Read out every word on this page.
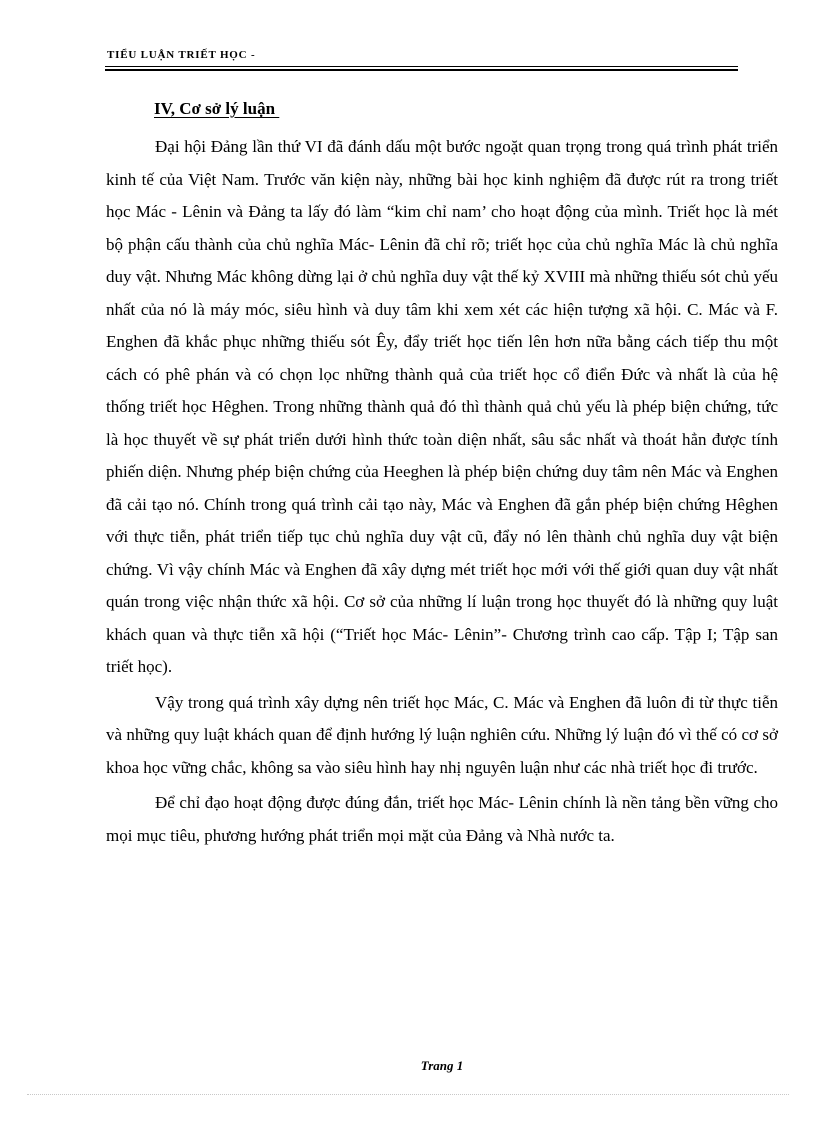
TIỂU LUẬN TRIẾT HỌC -
IV, Cơ sở lý luận

Đại hội Đảng lần thứ VI đã đánh dấu một bước ngoặt quan trọng trong quá trình phát triển kinh tế của Việt Nam. Trước văn kiện này, những bài học kinh nghiệm đã được rút ra trong triết học Mác - Lênin và Đảng ta lấy đó làm “kim chỉ nam’ cho hoạt động của mình. Triết học là mét bộ phận cấu thành của chủ nghĩa Mác- Lênin đã chỉ rõ; triết học của chủ nghĩa Mác là chủ nghĩa duy vật. Nhưng Mác không dừng lại ở chủ nghĩa duy vật thế kỷ XVIII mà những thiếu sót chủ yếu nhất của nó là máy móc, siêu hình và duy tâm khi xem xét các hiện tượng xã hội. C. Mác và F. Enghen đã khắc phục những thiếu sót Êy, đẩy triết học tiến lên hơn nữa bằng cách tiếp thu một cách có phê phán và có chọn lọc những thành quả của triết học cổ điển Đức và nhất là của hệ thống triết học Hêghen. Trong những thành quả đó thì thành quả chủ yếu là phép biện chứng, tức là học thuyết về sự phát triển dưới hình thức toàn diện nhất, sâu sắc nhất và thoát hẳn được tính phiến diện. Nhưng phép biện chứng của Heeghen là phép biện chứng duy tâm nên Mác và Enghen đã cải tạo nó. Chính trong quá trình cải tạo này, Mác và Enghen đã gắn phép biện chứng Hêghen với thực tiễn, phát triển tiếp tục chủ nghĩa duy vật cũ, đẩy nó lên thành chủ nghĩa duy vật biện chứng. Vì vậy chính Mác và Enghen đã xây dựng mét triết học mới với thế giới quan duy vật nhất quán trong việc nhận thức xã hội. Cơ sở của những lí luận trong học thuyết đó là những quy luật khách quan và thực tiễn xã hội (“Triết học Mác- Lênin”- Chương trình cao cấp. Tập I; Tập san triết học).

Vậy trong quá trình xây dựng nên triết học Mác, C. Mác và Enghen đã luôn đi từ thực tiễn và những quy luật khách quan để định hướng lý luận nghiên cứu. Những lý luận đó vì thế có cơ sở khoa học vững chắc, không sa vào siêu hình hay nhị nguyên luận như các nhà triết học đi trước.

Để chỉ đạo hoạt động được đúng đắn, triết học Mác- Lênin chính là nền tảng bền vững cho mọi mục tiêu, phương hướng phát triển mọi mặt của Đảng và Nhà nước ta.

Trang 1
